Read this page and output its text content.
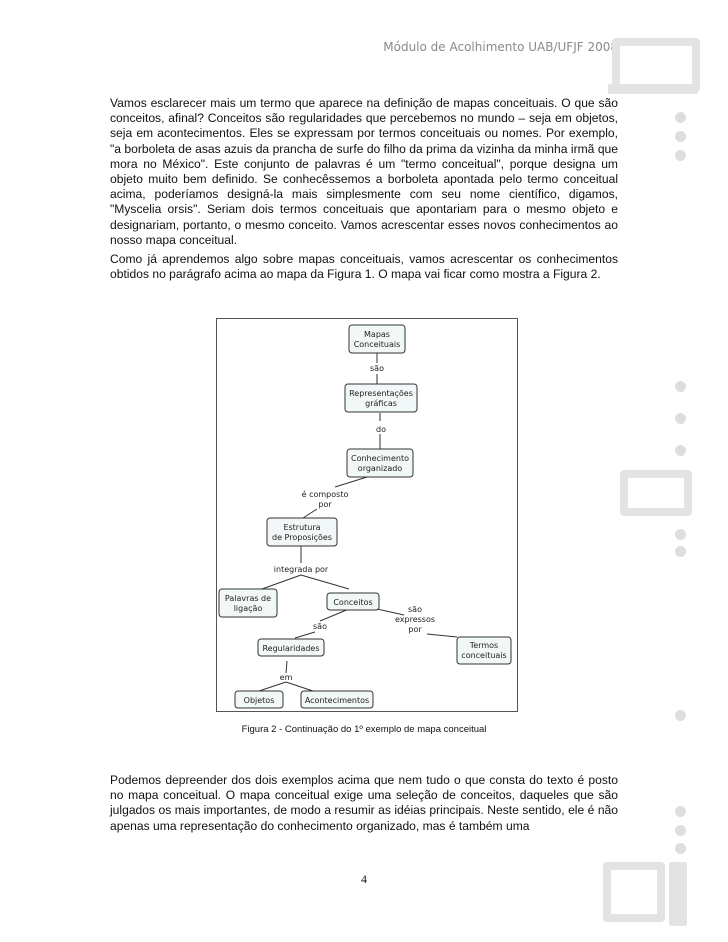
Módulo de Acolhimento UAB/UFJF 2008

Vamos esclarecer mais um termo que aparece na definição de mapas conceituais. O que são conceitos, afinal? Conceitos são regularidades que percebemos no mundo – seja em objetos, seja em acontecimentos. Eles se expressam por termos conceituais ou nomes. Por exemplo, "a borboleta de asas azuis da prancha de surfe do filho da prima da vizinha da minha irmã que mora no México". Este conjunto de palavras é um "termo conceitual", porque designa um objeto muito bem definido. Se conhecêssemos a borboleta apontada pelo termo conceitual acima, poderíamos designá-la mais simplesmente com seu nome científico, digamos, "Myscelia orsis". Seriam dois termos conceituais que apontariam para o mesmo objeto e designariam, portanto, o mesmo conceito. Vamos acrescentar esses novos conhecimentos ao nosso mapa conceitual.

Como já aprendemos algo sobre mapas conceituais, vamos acrescentar os conhecimentos obtidos no parágrafo acima ao mapa da Figura 1. O mapa vai ficar como mostra a Figura 2.

Mapas Conceituais
Representações gráficas
Conhecimento organizado
Estrutura de Proposições
Palavras de ligação
Conceitos
Termos conceituais
Regularidades
Objetos	Acontecimentos
são
do
é composto por
integrada por
são
são expressos por
em
Figura 2 - Continuação do 1º exemplo de mapa conceitual

Podemos depreender dos dois exemplos acima que nem tudo o que consta do texto é posto no mapa conceitual. O mapa conceitual exige uma seleção de conceitos, daqueles que são julgados os mais importantes, de modo a resumir as idéias principais. Neste sentido, ele é não apenas uma representação do conhecimento organizado, mas é também uma

4
